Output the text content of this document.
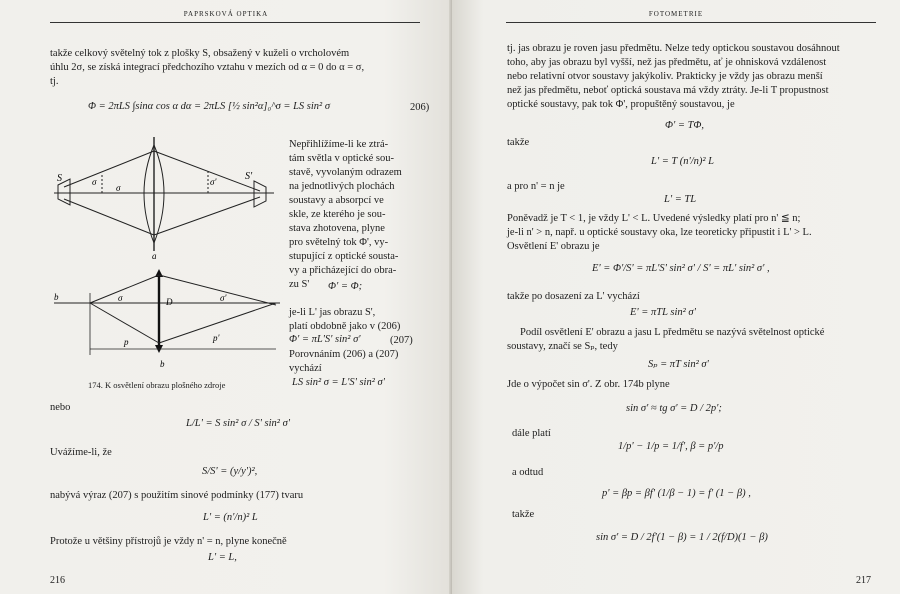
PAPRSKOVÁ OPTIKA
takže celkový světelný tok z plošky S, obsažený v kuželi o vrcholovém
úhlu 2σ, se získá integrací předchozího vztahu v mezích od α = 0 do α = σ,
tj.
Φ = 2πLS ∫sinα cos α dα = 2πLS [½ sin²α]₀^σ = LS sin² σ	206)
S	S'
σ
σ
σ'
a
b	σ	σ'
D
p	p'
b
174. K osvětlení obrazu plošného zdroje
Nepřihlížíme-li ke ztrá-
tám světla v optické sou-
stavě, vyvolaným odrazem
na jednotlivých plochách
soustavy a absorpcí ve
skle, ze kterého je sou-
stava zhotovena, plyne
pro světelný tok Φ', vy-
stupující z optické sousta-
vy a přicházející do obra-
zu S' Φ' = Φ;
je-li L' jas obrazu S',
platí obdobně jako v (206)
Φ' = πL'S' sin² σ'	(207)
Porovnáním (206) a (207)
vychází
LS sin² σ = L'S' sin² σ'
nebo
L/L' = S sin² σ / S' sin² σ'
Uvážíme-li, že
S/S' = (y/y')²,
nabývá výraz (207) s použitím sinové podmínky (177) tvaru
L' = (n'/n)² L
Protože u většiny přístrojů je vždy n' = n, plyne konečně
L' = L,
216
FOTOMETRIE
tj. jas obrazu je roven jasu předmětu. Nelze tedy optickou soustavou dosáhnout
toho, aby jas obrazu byl vyšší, než jas předmětu, ať je ohnisková vzdálenost
nebo relativní otvor soustavy jakýkoliv. Prakticky je vždy jas obrazu menší
než jas předmětu, neboť optická soustava má vždy ztráty. Je-li T propustnost
optické soustavy, pak tok Φ', propuštěný soustavou, je
Φ' = TΦ,
takže
L' = T (n'/n)² L
a pro n' = n je
L' = TL
Poněvadž je T < 1, je vždy L' < L. Uvedené výsledky platí pro n' ≦ n;
je-li n' > n, např. u optické soustavy oka, lze teoreticky připustit i L' > L.
Osvětlení E' obrazu je
E' = Φ'/S' = πL'S' sin² σ' / S' = πL' sin² σ' ,
takže po dosazení za L' vychází
E' = πTL sin² σ'
Podíl osvětlení E' obrazu a jasu L předmětu se nazývá světelnost optické
soustavy, značí se Sₚ, tedy
Sₚ = πT sin² σ'
Jde o výpočet sin σ'. Z obr. 174b plyne
sin σ' ≈ tg σ' = D / 2p';
dále platí
1/p' − 1/p = 1/f', β = p'/p
a odtud
p' = βp = βf' (1/β − 1) = f' (1 − β) ,
takže
sin σ' = D / 2f'(1 − β) = 1 / 2(f/D)(1 − β)
217
